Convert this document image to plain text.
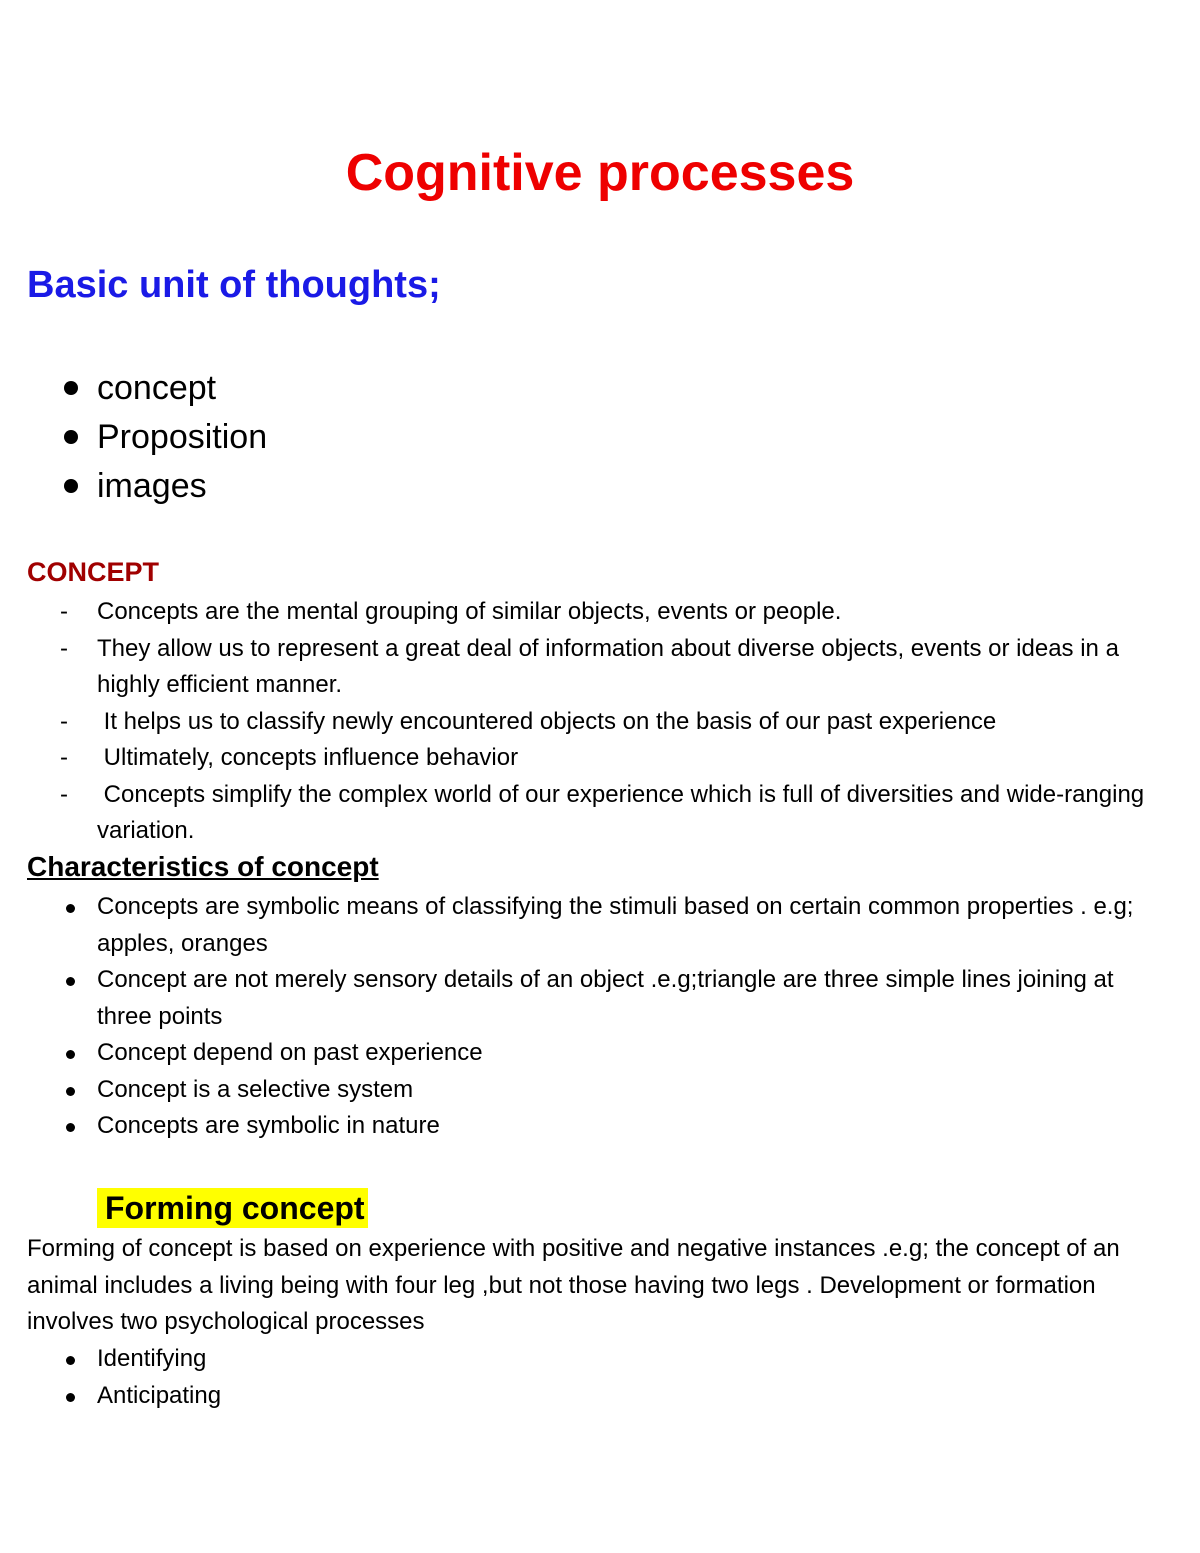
Cognitive processes
Basic unit of thoughts;
concept
Proposition
images
CONCEPT
- Concepts are the mental grouping of similar objects, events or people.
- They allow us to represent a great deal of information about diverse objects, events or ideas in a highly efficient manner.
- It helps us to classify newly encountered objects on the basis of our past experience
- Ultimately, concepts influence behavior
- Concepts simplify the complex world of our experience which is full of diversities and wide-ranging variation.
Characteristics of concept
Concepts are symbolic means of classifying the stimuli based on certain common properties . e.g; apples, oranges
Concept are not merely sensory details of an object .e.g;triangle are three simple lines joining at three points
Concept depend on past experience
Concept is a selective system
Concepts are symbolic in nature
Forming concept

Forming of concept is based on experience with positive and negative instances .e.g; the concept of an animal includes a living being with four leg ,but not those having two legs . Development or formation involves two psychological processes

Identifying
Anticipating
